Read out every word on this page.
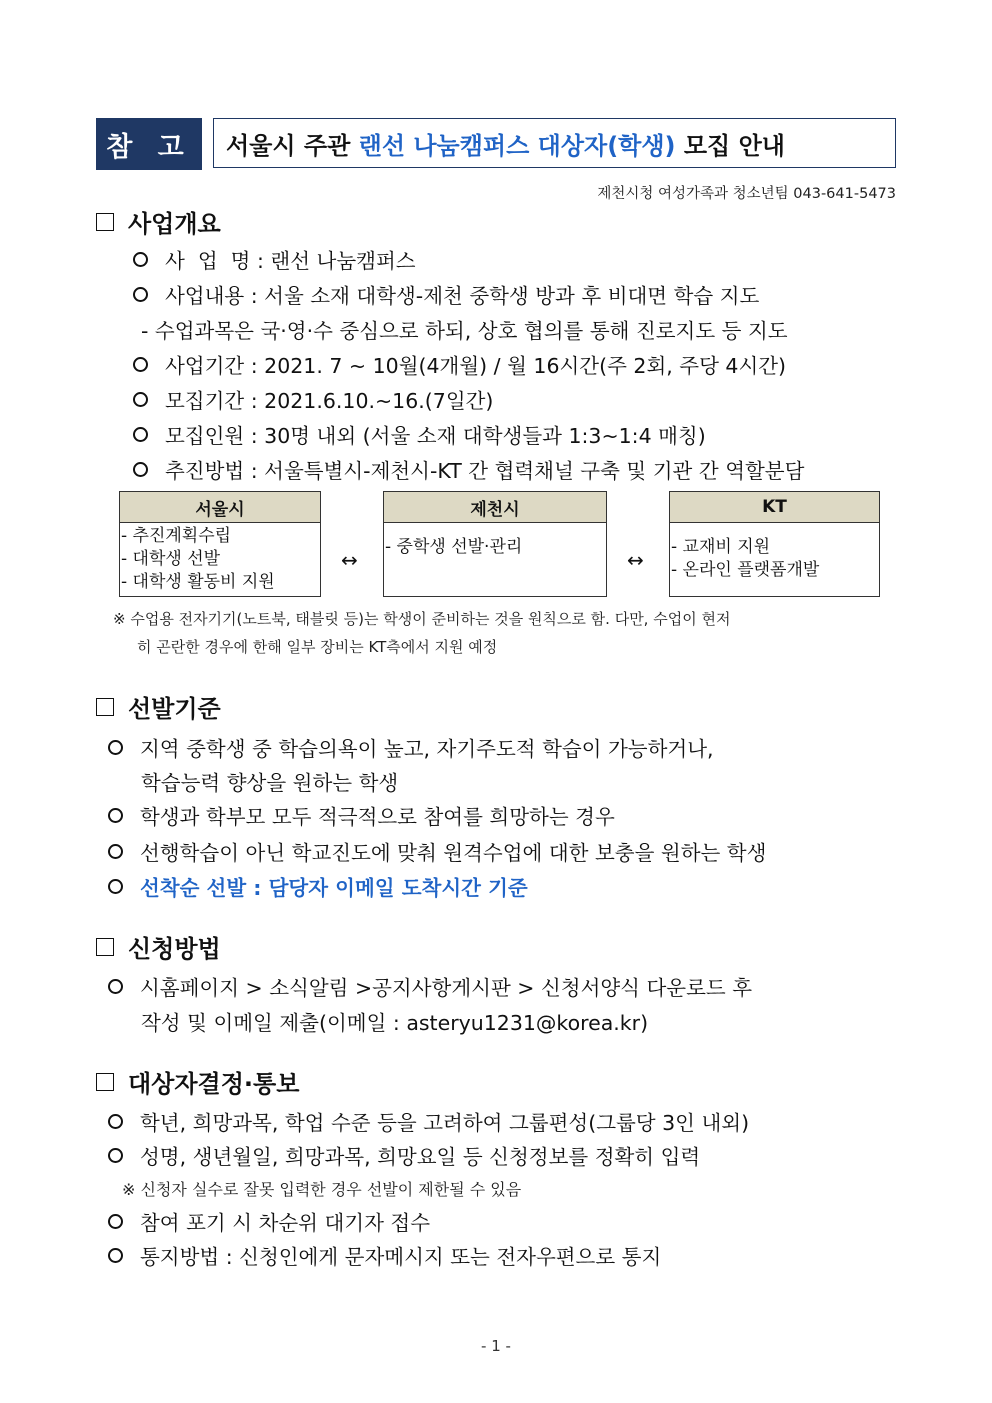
참 고	서울시 주관 랜선 나눔캠퍼스 대상자(학생) 모집 안내
제천시청 여성가족과 청소년팀 043-641-5473
사업개요
사  업  명 : 랜선 나눔캠퍼스
사업내용 : 서울 소재 대학생-제천 중학생 방과 후 비대면 학습 지도
- 수업과목은 국·영·수 중심으로 하되, 상호 협의를 통해 진로지도 등 지도
사업기간 : 2021. 7 ~ 10월(4개월) / 월 16시간(주 2회, 주당 4시간)
모집기간 : 2021.6.10.~16.(7일간)
모집인원 : 30명 내외 (서울 소재 대학생들과 1:3~1:4 매칭)
추진방법 : 서울특별시-제천시-KT 간 협력채널 구축 및 기관 간 역할분담
서울시
- 추진계획수립
- 대학생 선발
- 대학생 활동비 지원
↔
제천시
- 중학생 선발·관리
↔
KT
- 교재비 지원
- 온라인 플랫폼개발
※ 수업용 전자기기(노트북, 태블릿 등)는 학생이 준비하는 것을 원칙으로 함. 다만, 수업이 현저
히 곤란한 경우에 한해 일부 장비는 KT측에서 지원 예정
선발기준
지역 중학생 중 학습의욕이 높고, 자기주도적 학습이 가능하거나,
학습능력 향상을 원하는 학생
학생과 학부모 모두 적극적으로 참여를 희망하는 경우
선행학습이 아닌 학교진도에 맞춰 원격수업에 대한 보충을 원하는 학생
선착순 선발 : 담당자 이메일 도착시간 기준
신청방법
시홈페이지 > 소식알림 >공지사항게시판 > 신청서양식 다운로드 후
작성 및 이메일 제출(이메일 : asteryu1231@korea.kr)
대상자결정·통보
학년, 희망과목, 학업 수준 등을 고려하여 그룹편성(그룹당 3인 내외)
성명, 생년월일, 희망과목, 희망요일 등 신청정보를 정확히 입력
※ 신청자 실수로 잘못 입력한 경우 선발이 제한될 수 있음
참여 포기 시 차순위 대기자 접수
통지방법 : 신청인에게 문자메시지 또는 전자우편으로 통지
- 1 -
